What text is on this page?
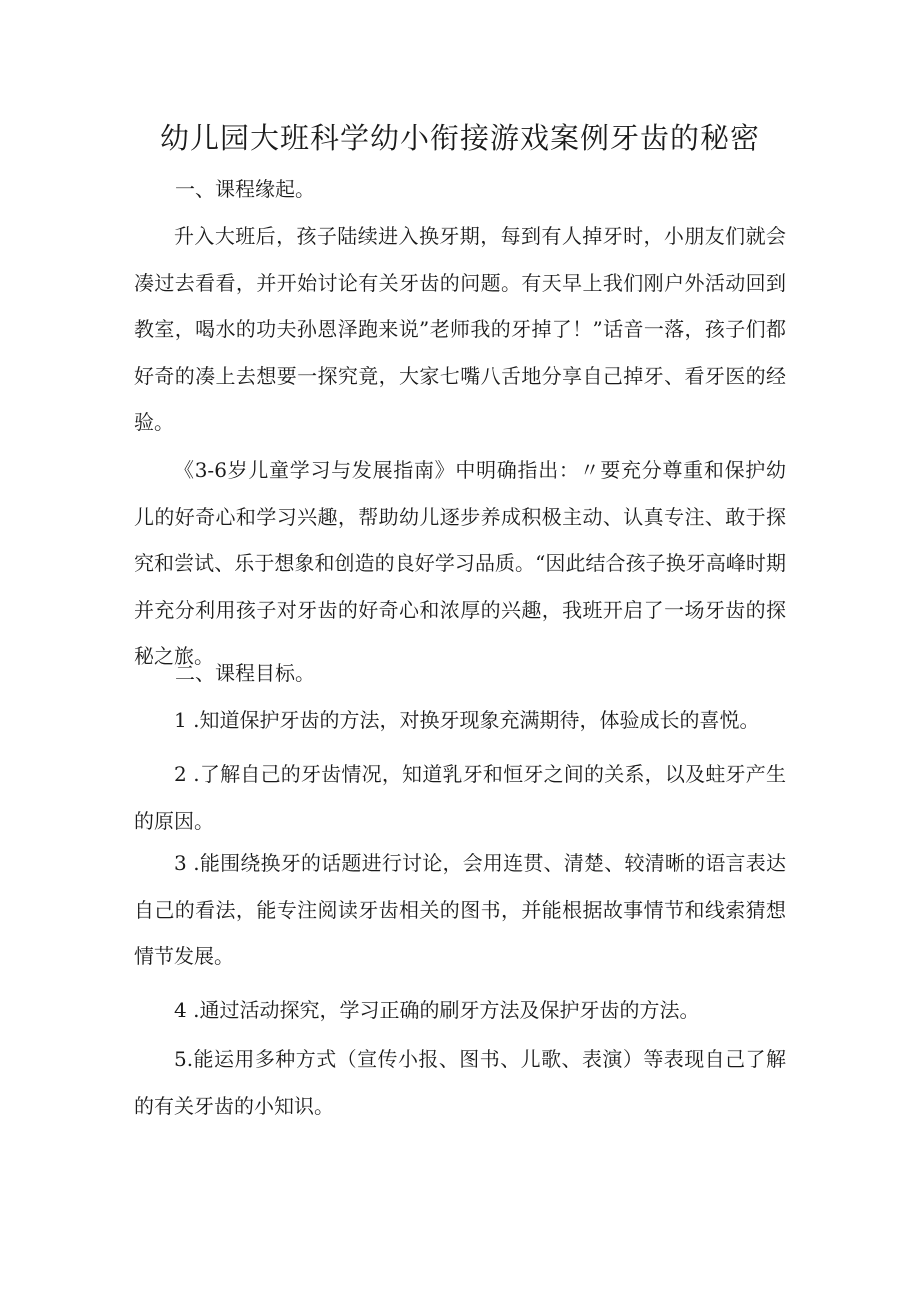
幼儿园大班科学幼小衔接游戏案例牙齿的秘密

一、课程缘起。

升入大班后，孩子陆续进入换牙期，每到有人掉牙时，小朋友们就会凑过去看看，并开始讨论有关牙齿的问题。有天早上我们刚户外活动回到教室，喝水的功夫孙恩泽跑来说”老师我的牙掉了！”话音一落，孩子们都好奇的凑上去想要一探究竟，大家七嘴八舌地分享自己掉牙、看牙医的经验。

《3-6岁儿童学习与发展指南》中明确指出：〃要充分尊重和保护幼儿的好奇心和学习兴趣，帮助幼儿逐步养成积极主动、认真专注、敢于探究和尝试、乐于想象和创造的良好学习品质。“因此结合孩子换牙高峰时期并充分利用孩子对牙齿的好奇心和浓厚的兴趣，我班开启了一场牙齿的探秘之旅。

二、课程目标。

1 .知道保护牙齿的方法，对换牙现象充满期待，体验成长的喜悦。

2 .了解自己的牙齿情况，知道乳牙和恒牙之间的关系，以及蛀牙产生的原因。

3 .能围绕换牙的话题进行讨论，会用连贯、清楚、较清晰的语言表达自己的看法，能专注阅读牙齿相关的图书，并能根据故事情节和线索猜想情节发展。

4 .通过活动探究，学习正确的刷牙方法及保护牙齿的方法。

5.能运用多种方式（宣传小报、图书、儿歌、表演）等表现自己了解的有关牙齿的小知识。
